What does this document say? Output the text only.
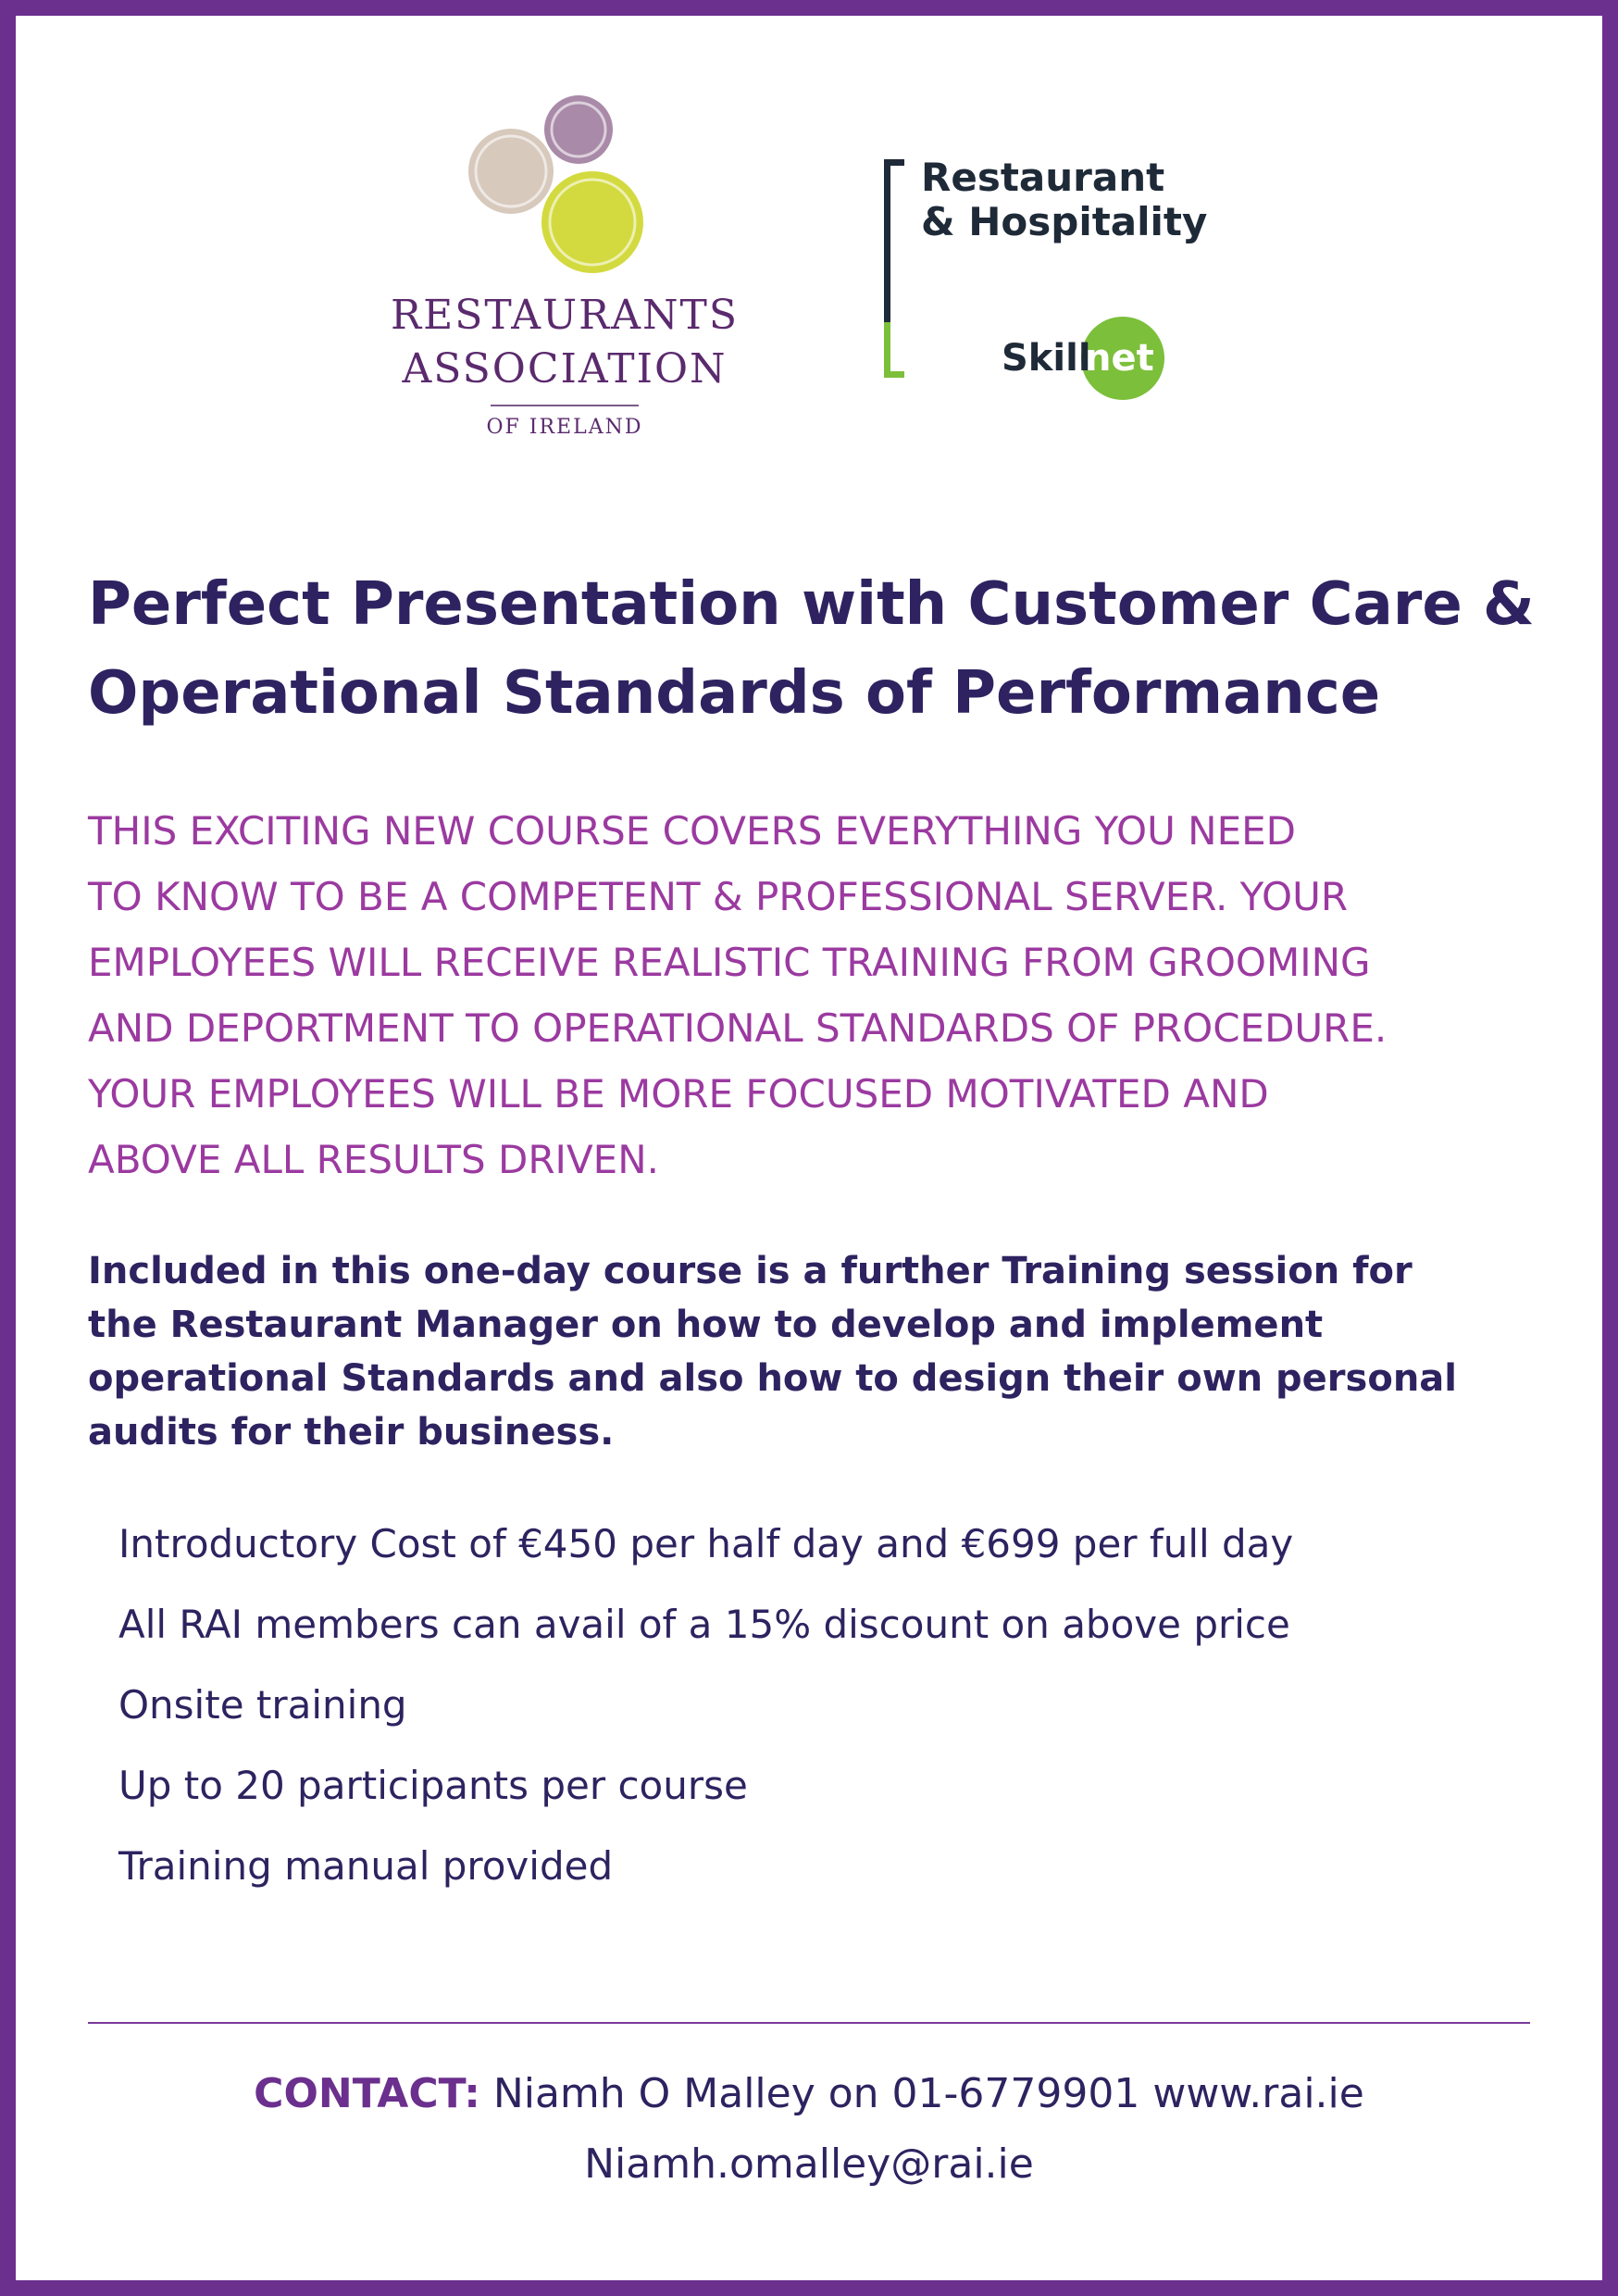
RESTAURANTS
ASSOCIATION
OF IRELAND
Restaurant
& Hospitality
Skill
net
Perfect Presentation with Customer Care &
Operational Standards of Performance
THIS EXCITING NEW COURSE COVERS EVERYTHING YOU NEED
TO KNOW TO BE A COMPETENT & PROFESSIONAL SERVER. YOUR
EMPLOYEES WILL RECEIVE REALISTIC TRAINING FROM GROOMING
AND DEPORTMENT TO OPERATIONAL STANDARDS OF PROCEDURE.
YOUR EMPLOYEES WILL BE MORE FOCUSED MOTIVATED AND
ABOVE ALL RESULTS DRIVEN.
Included in this one-day course is a further Training session for
the Restaurant Manager on how to develop and implement
operational Standards and also how to design their own personal
audits for their business.
Introductory Cost of €450 per half day and €699 per full day
All RAI members can avail of a 15% discount on above price
Onsite training
Up to 20 participants per course
Training manual provided
CONTACT: Niamh O Malley on 01-6779901 www.rai.ie
Niamh.omalley@rai.ie
